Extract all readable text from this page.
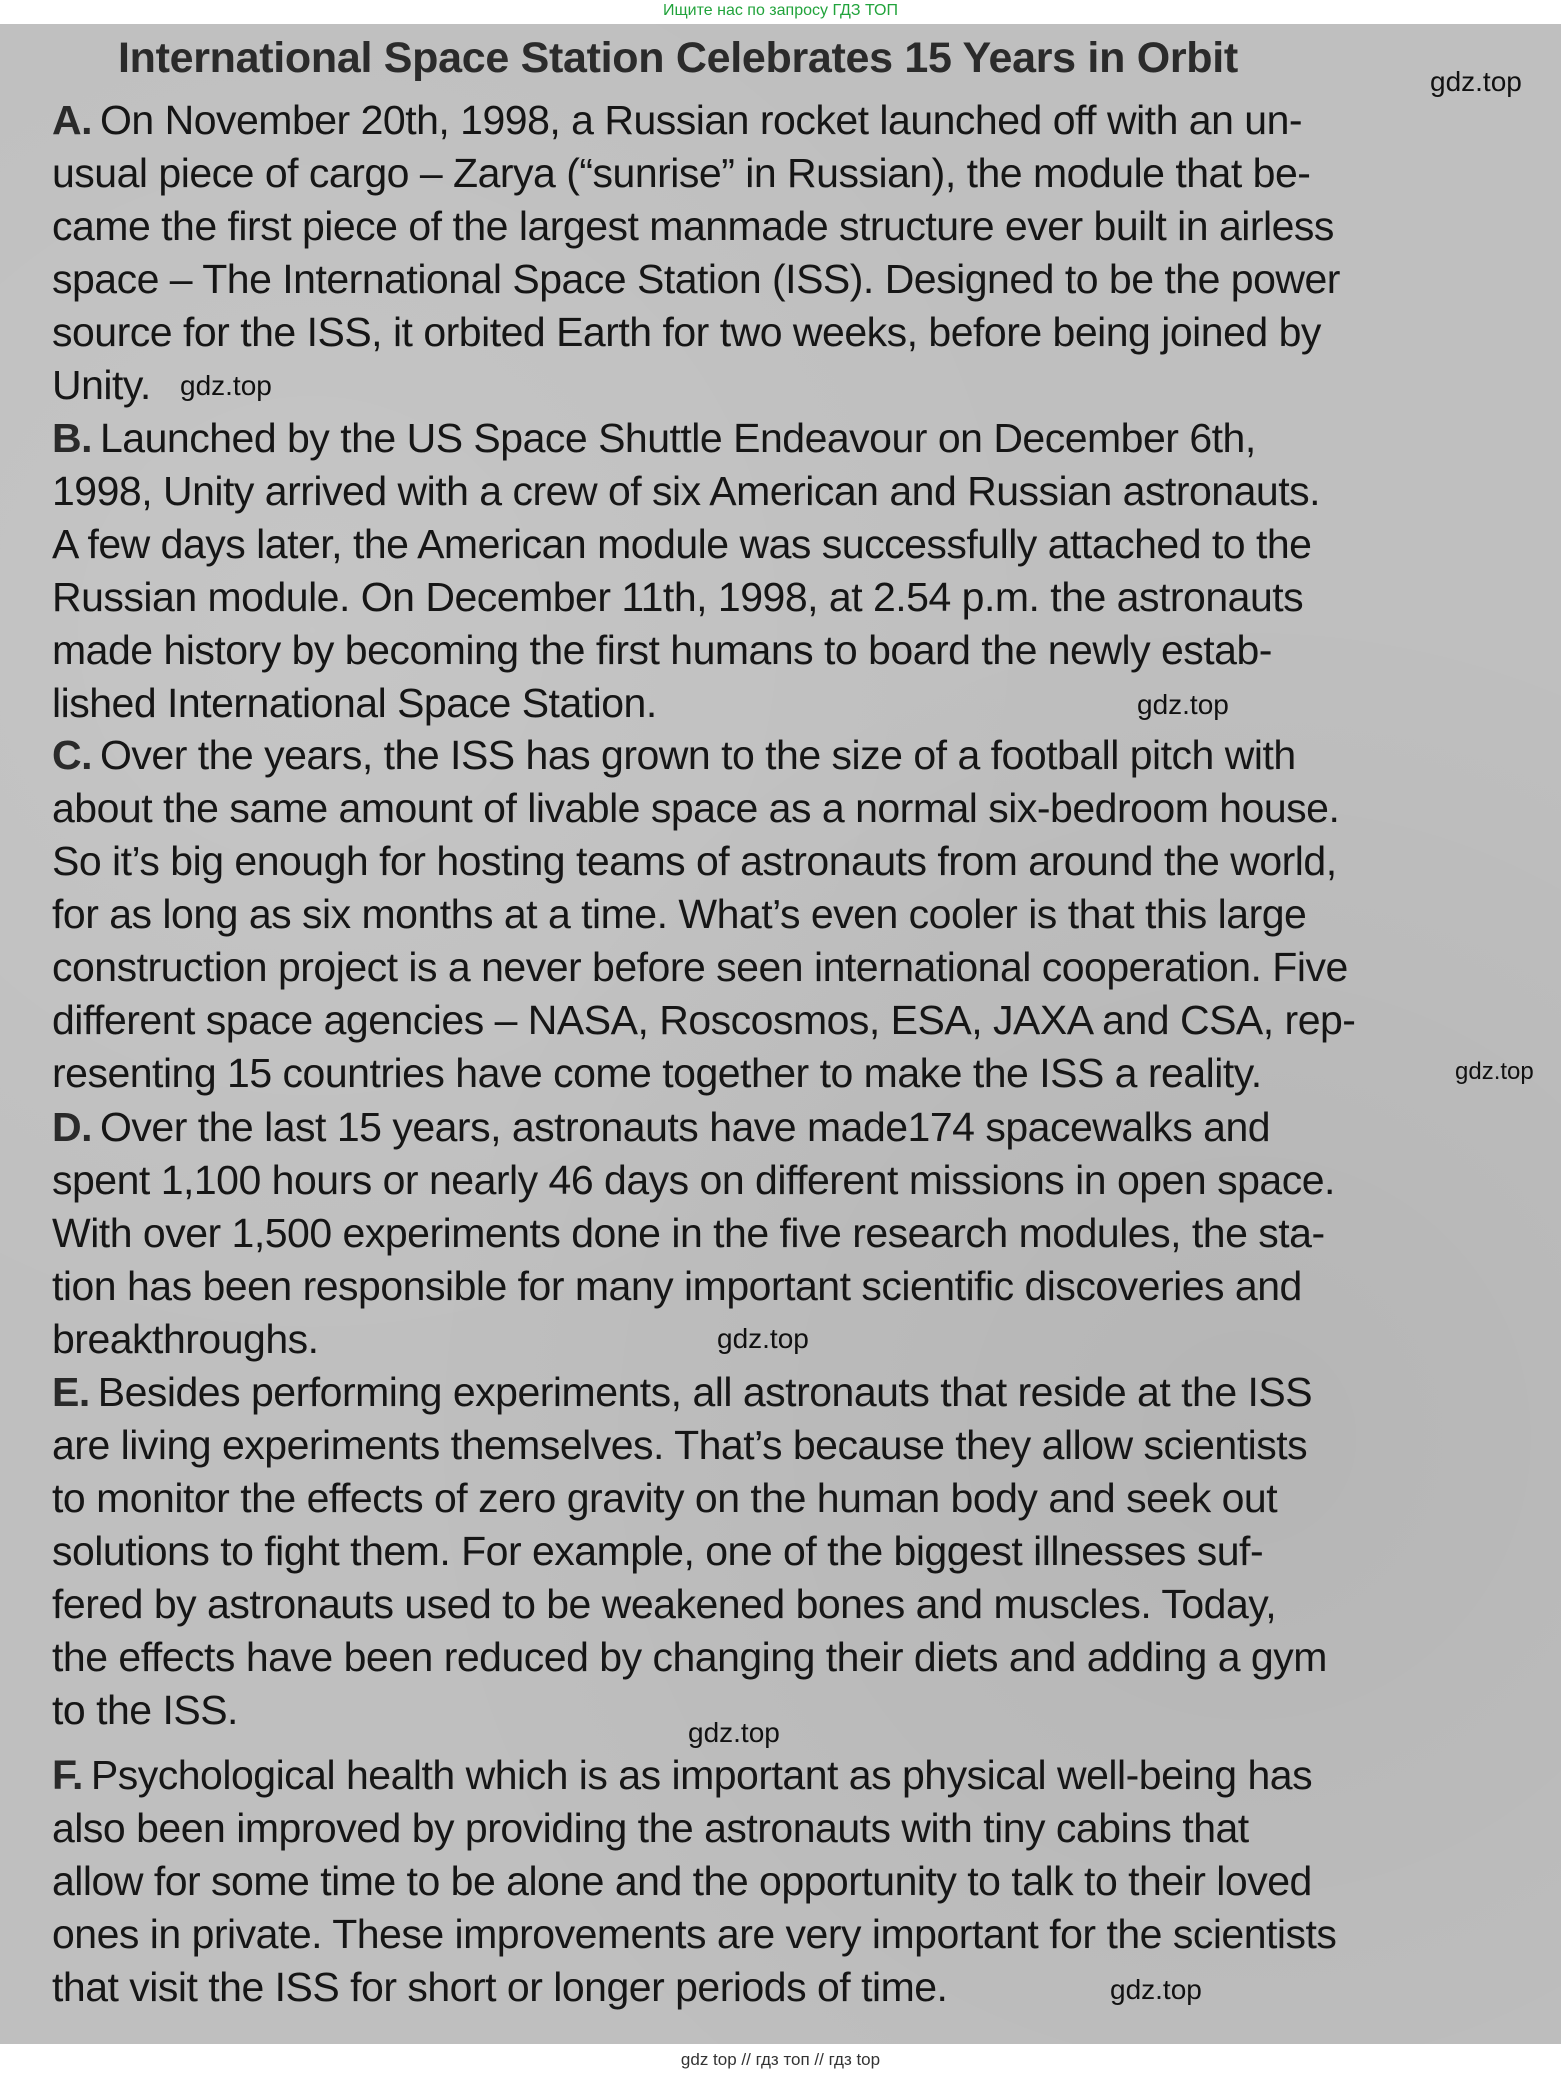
Ищите нас по запросу ГДЗ ТОП
International Space Station Celebrates 15 Years in Orbit

A. On November 20th, 1998, a Russian rocket launched off with an un-
usual piece of cargo – Zarya (“sunrise” in Russian), the module that be-
came the first piece of the largest manmade structure ever built in airless
space – The International Space Station (ISS). Designed to be the power
source for the ISS, it orbited Earth for two weeks, before being joined by
Unity.

B. Launched by the US Space Shuttle Endeavour on December 6th,
1998, Unity arrived with a crew of six American and Russian astronauts.
A few days later, the American module was successfully attached to the
Russian module. On December 11th, 1998, at 2.54 p.m. the astronauts
made history by becoming the first humans to board the newly estab-
lished International Space Station.

C. Over the years, the ISS has grown to the size of a football pitch with
about the same amount of livable space as a normal six-bedroom house.
So it’s big enough for hosting teams of astronauts from around the world,
for as long as six months at a time. What’s even cooler is that this large
construction project is a never before seen international cooperation. Five
different space agencies – NASA, Roscosmos, ESA, JAXA and CSA, rep-
resenting 15 countries have come together to make the ISS a reality.

D. Over the last 15 years, astronauts have made174 spacewalks and
spent 1,100 hours or nearly 46 days on different missions in open space.
With over 1,500 experiments done in the five research modules, the sta-
tion has been responsible for many important scientific discoveries and
breakthroughs.

E. Besides performing experiments, all astronauts that reside at the ISS
are living experiments themselves. That’s because they allow scientists
to monitor the effects of zero gravity on the human body and seek out
solutions to fight them. For example, one of the biggest illnesses suf-
fered by astronauts used to be weakened bones and muscles. Today,
the effects have been reduced by changing their diets and adding a gym
to the ISS.

F. Psychological health which is as important as physical well-being has
also been improved by providing the astronauts with tiny cabins that
allow for some time to be alone and the opportunity to talk to their loved
ones in private. These improvements are very important for the scientists
that visit the ISS for short or longer periods of time.

gdz.top
gdz.top
gdz.top
gdz.top
gdz.top
gdz.top
gdz.top
gdz top // гдз топ // гдз top
